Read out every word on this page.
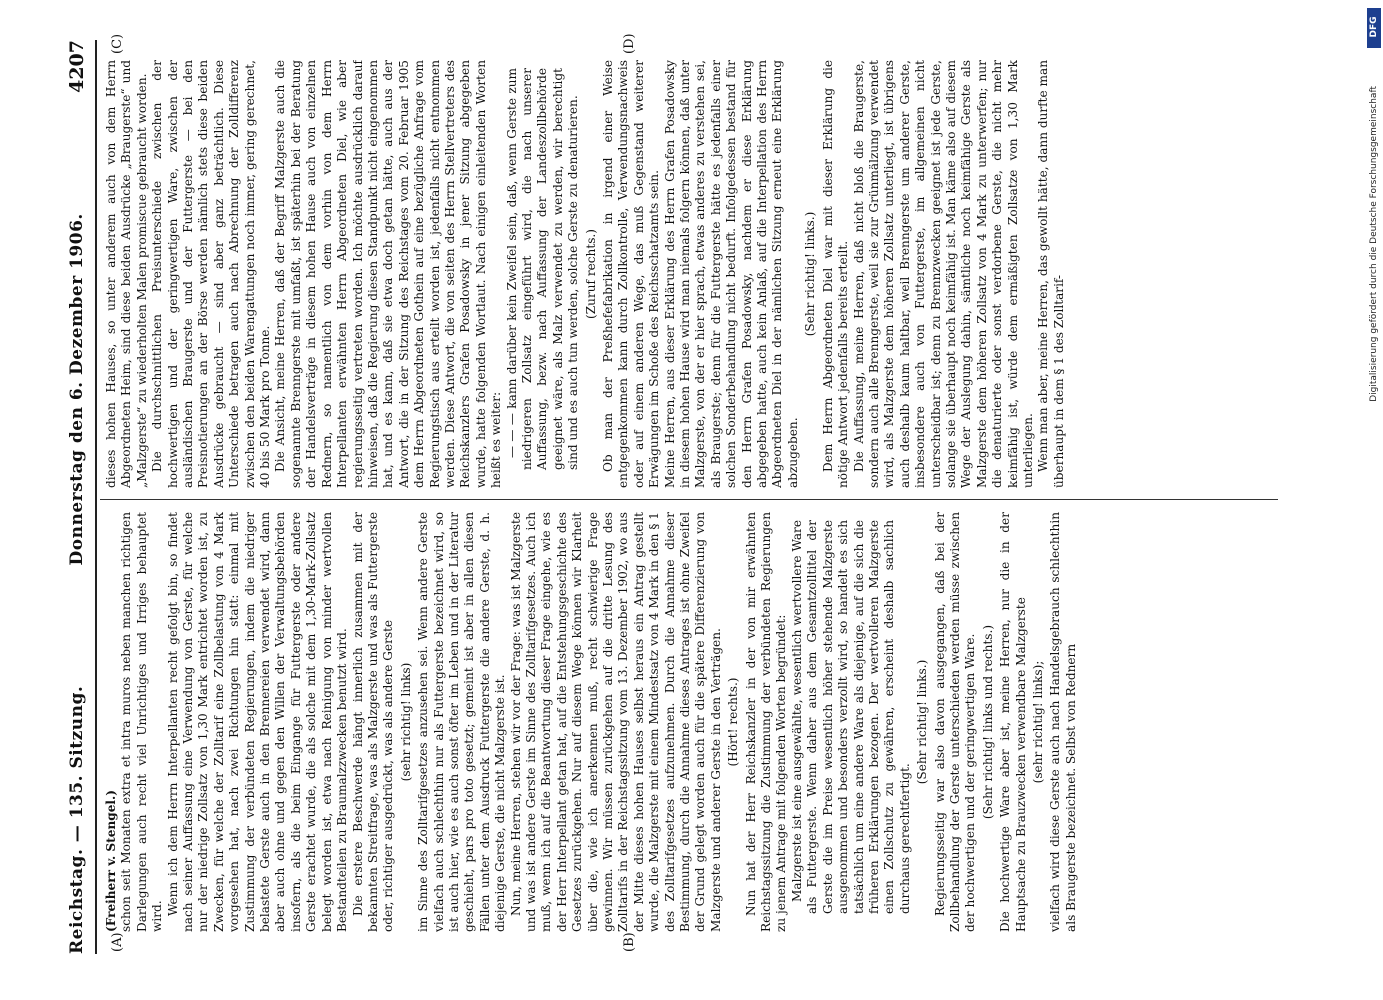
Reichstag. — 135. Sitzung.
Donnerstag den 6. Dezember 1906.
4207
(A)	(B)
(C)	(D)

(Freiherr v. Stengel.) schon seit Monaten extra et intra muros neben manchen richtigen Darlegungen auch recht viel Unrichtiges und Irriges behauptet wird.

Wenn ich dem Herrn Interpellanten recht gefolgt bin, so findet nach seiner Auffassung eine Verwendung von Gerste, für welche nur der niedrige Zollsatz von 1,30 Mark entrichtet worden ist, zu Zwecken, für welche der Zolltarif eine Zollbelastung von 4 Mark vorgesehen hat, nach zwei Richtungen hin statt: einmal mit Zustimmung der verbündeten Regierungen, indem die niedriger belastete Gerste auch in den Brennereien verwendet wird, dann aber auch ohne und gegen den Willen der Verwaltungsbehörden insofern, als die beim Eingange für Futtergerste oder andere Gerste erachtet wurde, die als solche mit dem 1,30-Mark-Zollsatz belegt worden ist, etwa nach Reinigung von minder wertvollen Bestandteilen zu Braumalzzwecken benutzt wird. Die erstere Beschwerde hängt innerlich zusammen mit der bekannten Streitfrage, was als Malzgerste und was als Futtergerste oder, richtiger ausgedrückt, was als andere Gerste (sehr richtig! links) im Sinne des Zolltarifgesetzes anzusehen sei. Wenn andere Gerste vielfach auch schlechthin nur als Futtergerste bezeichnet wird, so ist auch hier, wie es auch sonst öfter im Leben und in der Literatur geschieht, pars pro toto gesetzt; gemeint ist aber in allen diesen Fällen unter dem Ausdruck Futtergerste die andere Gerste, d. h. diejenige Gerste, die nicht Malzgerste ist. Nun, meine Herren, stehen wir vor der Frage: was ist Malzgerste und was ist andere Gerste im Sinne des Zolltarifgesetzes. Auch ich muß, wenn ich auf die Beantwortung dieser Frage eingehe, wie es der Herr Interpellant getan hat, auf die Entstehungsgeschichte des Gesetzes zurückgehen. Nur auf diesem Wege können wir Klarheit über die, wie ich anerkennen muß, recht schwierige Frage gewinnen. Wir müssen zurückgehen auf die dritte Lesung des Zolltarifs in der Reichstagssitzung vom 13. Dezember 1902, wo aus der Mitte dieses hohen Hauses selbst heraus ein Antrag gestellt wurde, die Malzgerste mit einem Mindestsatz von 4 Mark in den § 1 des Zolltarifgesetzes aufzunehmen. Durch die Annahme dieser Bestimmung, durch die Annahme dieses Antrages ist ohne Zweifel der Grund gelegt worden auch für die spätere Differenzierung von Malzgerste und anderer Gerste in den Verträgen. (Hört! rechts.) Nun hat der Herr Reichskanzler in der von mir erwähnten Reichstagssitzung die Zustimmung der verbündeten Regierungen zu jenem Antrage mit folgenden Worten begründet: Malzgerste ist eine ausgewählte, wesentlich wertvollere Ware als Futtergerste. Wenn daher aus dem Gesamtzolltitel der Gerste die im Preise wesentlich höher stehende Malzgerste ausgenommen und besonders verzollt wird, so handelt es sich tatsächlich um eine andere Ware als diejenige, auf die sich die früheren Erklärungen bezogen. Der wertvolleren Malzgerste einen Zollschutz zu gewähren, erscheint deshalb sachlich durchaus gerechtfertigt.

(Sehr richtig! links.) Regierungsseitig war also davon ausgegangen, daß bei der Zollbehandlung der Gerste unterschieden werden müsse zwischen der hochwertigen und der geringwertigen Ware. (Sehr richtig! links und rechts.) Die hochwertige Ware aber ist, meine Herren, nur die in der Hauptsache zu Brauzwecken verwendbare Malzgerste (sehr richtig! links); vielfach wird diese Gerste auch nach Handelsgebrauch schlechthin als Braugerste bezeichnet. Selbst von Rednern

dieses hohen Hauses, so unter anderem auch von dem Herrn Abgeordneten Heim, sind diese beiden Ausdrücke „Braugerste“ und „Malzgerste“ zu wiederholten Malen promiscue gebraucht worden. Die durchschnittlichen Preisunterschiede zwischen der hochwertigen und der geringwertigen Ware, zwischen der ausländischen Braugerste und der Futtergerste — bei den Preisnotierungen an der Börse werden nämlich stets diese beiden Ausdrücke gebraucht — sind aber ganz beträchtlich. Diese Unterschiede betragen auch nach Abrechnung der Zolldifferenz zwischen den beiden Warengattungen noch immer, gering gerechnet, 40 bis 50 Mark pro Tonne. Die Ansicht, meine Herren, daß der Begriff Malzgerste auch die sogenannte Brenngerste mit umfaßt, ist späterhin bei der Beratung der Handelsverträge in diesem hohen Hause auch von einzelnen Rednern, so namentlich von dem vorhin von dem Herrn Interpellanten erwähnten Herrn Abgeordneten Diel, wie aber regierungsseitig vertreten worden. Ich möchte ausdrücklich darauf hinweisen, daß die Regierung diesen Standpunkt nicht eingenommen hat, und es kann, daß sie etwa doch getan hätte, auch aus der Antwort, die in der Sitzung des Reichstages vom 20. Februar 1905 dem Herrn Abgeordneten Gothein auf eine bezügliche Anfrage vom Regierungstisch aus erteilt worden ist, jedenfalls nicht entnommen werden. Diese Antwort, die von seiten des Herrn Stellvertreters des Reichskanzlers Grafen Posadowsky in jener Sitzung abgegeben wurde, hatte folgenden Wortlaut. Nach einigen einleitenden Worten heißt es weiter: — — — kann darüber kein Zweifel sein, daß, wenn Gerste zum niedrigeren Zollsatz eingeführt wird, die nach unserer Auffassung, bezw. nach Auffassung der Landeszollbehörde geeignet wäre, als Malz verwendet zu werden, wir berechtigt sind und es auch tun werden, solche Gerste zu denaturieren. (Zuruf rechts.) Ob man der Preßhefefabrikation in irgend einer Weise entgegenkommen kann durch Zollkontrolle, Verwendungsnachweis oder auf einem anderen Wege, das muß Gegenstand weiterer Erwägungen im Schoße des Reichsschatzamts sein. Meine Herren, aus dieser Erklärung des Herrn Grafen Posadowsky in diesem hohen Hause wird man niemals folgern können, daß unter Malzgerste, von der er hier sprach, etwas anderes zu verstehen sei, als Braugerste; denn für die Futtergerste hätte es jedenfalls einer solchen Sonderbehandlung nicht bedurft. Infolgedessen bestand für den Herrn Grafen Posadowsky, nachdem er diese Erklärung abgegeben hatte, auch kein Anlaß, auf die Interpellation des Herrn Abgeordneten Diel in der nämlichen Sitzung erneut eine Erklärung abzugeben.

(Sehr richtig! links.) Dem Herrn Abgeordneten Diel war mit dieser Erklärung die nötige Antwort jedenfalls bereits erteilt. Die Auffassung, meine Herren, daß nicht bloß die Braugerste, sondern auch alle Brenngerste, weil sie zur Grünmälzung verwendet wird, als Malzgerste dem höheren Zollsatz unterliegt, ist übrigens auch deshalb kaum haltbar, weil Brenngerste um anderer Gerste, insbesondere auch von Futtergerste, im allgemeinen nicht unterscheidbar ist; denn zu Brennzwecken geeignet ist jede Gerste, solange sie überhaupt noch keimfähig ist. Man käme also auf diesem Wege der Auslegung dahin, sämtliche noch keimfähige Gerste als Malzgerste dem höheren Zollsatz von 4 Mark zu unterwerfen; nur die denaturierte oder sonst verdorbene Gerste, die nicht mehr keimfähig ist, würde dem ermäßigten Zollsatze von 1,30 Mark unterliegen. Wenn man aber, meine Herren, das gewollt hätte, dann durfte man überhaupt in dem § 1 des Zolltarif-	Digitalisierung gefördert durch die Deutsche Forschungsgemeinschaft
DFG
